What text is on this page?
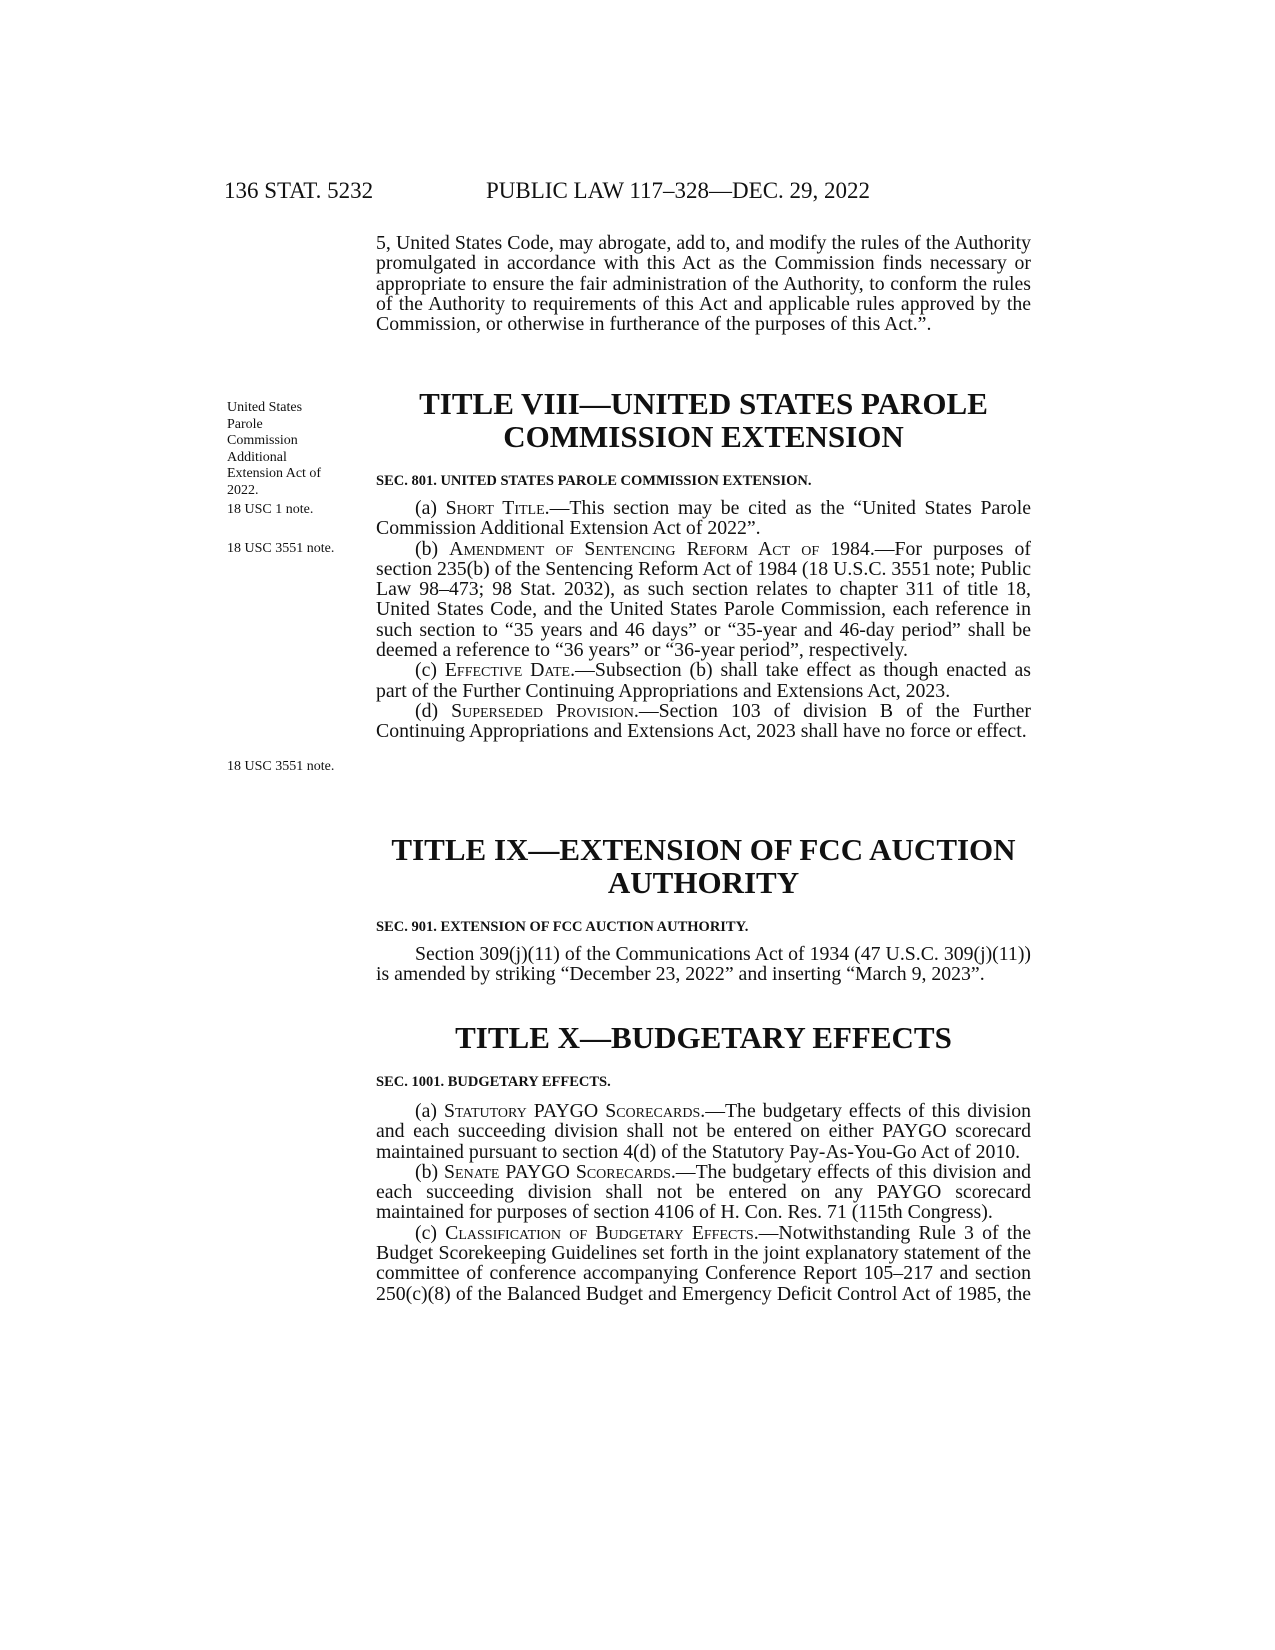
136 STAT. 5232	PUBLIC LAW 117–328—DEC. 29, 2022

5, United States Code, may abrogate, add to, and modify the rules of the Authority promulgated in accordance with this Act as the Commission finds necessary or appropriate to ensure the fair administration of the Authority, to conform the rules of the Authority to requirements of this Act and applicable rules approved by the Commission, or otherwise in furtherance of the purposes of this Act.”.

United States Parole Commission Additional Extension Act of 2022.
18 USC 1 note.
18 USC 3551 note.
18 USC 3551 note.
TITLE VIII—UNITED STATES PAROLE
COMMISSION EXTENSION
SEC. 801. UNITED STATES PAROLE COMMISSION EXTENSION.

(a) Short Title.—This section may be cited as the “United States Parole Commission Additional Extension Act of 2022”.

(b) Amendment of Sentencing Reform Act of 1984.—For purposes of section 235(b) of the Sentencing Reform Act of 1984 (18 U.S.C. 3551 note; Public Law 98–473; 98 Stat. 2032), as such section relates to chapter 311 of title 18, United States Code, and the United States Parole Commission, each reference in such section to “35 years and 46 days” or “35-year and 46-day period” shall be deemed a reference to “36 years” or “36-year period”, respectively.

(c) Effective Date.—Subsection (b) shall take effect as though enacted as part of the Further Continuing Appropriations and Extensions Act, 2023.

(d) Superseded Provision.—Section 103 of division B of the Further Continuing Appropriations and Extensions Act, 2023 shall have no force or effect.

TITLE IX—EXTENSION OF FCC AUCTION
AUTHORITY
SEC. 901. EXTENSION OF FCC AUCTION AUTHORITY.

Section 309(j)(11) of the Communications Act of 1934 (47 U.S.C. 309(j)(11)) is amended by striking “December 23, 2022” and inserting “March 9, 2023”.

TITLE X—BUDGETARY EFFECTS
SEC. 1001. BUDGETARY EFFECTS.

(a) Statutory PAYGO Scorecards.—The budgetary effects of this division and each succeeding division shall not be entered on either PAYGO scorecard maintained pursuant to section 4(d) of the Statutory Pay-As-You-Go Act of 2010.

(b) Senate PAYGO Scorecards.—The budgetary effects of this division and each succeeding division shall not be entered on any PAYGO scorecard maintained for purposes of section 4106 of H. Con. Res. 71 (115th Congress).

(c) Classification of Budgetary Effects.—Notwithstanding Rule 3 of the Budget Scorekeeping Guidelines set forth in the joint explanatory statement of the committee of conference accompanying Conference Report 105–217 and section 250(c)(8) of the Balanced Budget and Emergency Deficit Control Act of 1985, the
